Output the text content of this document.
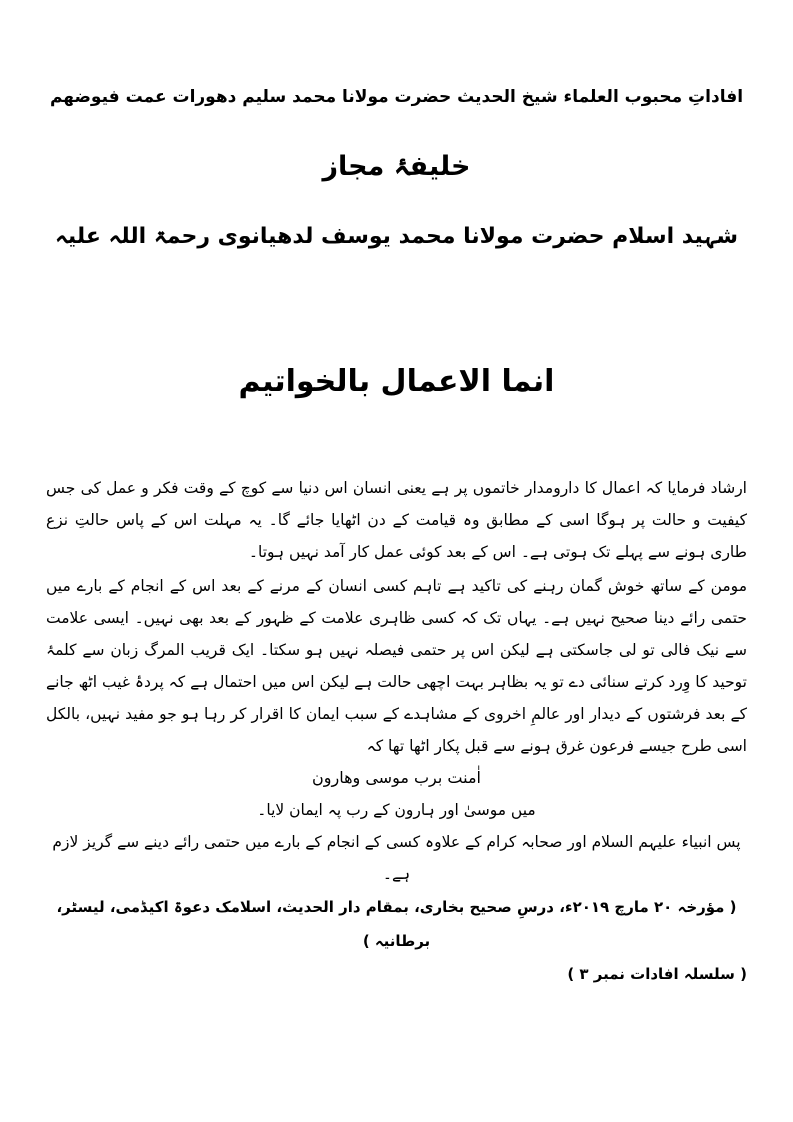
افاداتِ محبوب العلماء شیخ الحدیث حضرت مولانا محمد سلیم دھورات عمت فیوضھم
خلیفۂ مجاز
شہید اسلام حضرت مولانا محمد یوسف لدھیانوی رحمۃ اللہ علیہ
انما الاعمال بالخواتیم

ارشاد فرمایا کہ اعمال کا دارومدار خاتموں پر ہے یعنی انسان اس دنیا سے کوچ کے وقت فکر و عمل کی جس کیفیت و حالت پر ہوگا اسی کے مطابق وہ قیامت کے دن اٹھایا جائے گا۔ یہ مہلت اس کے پاس حالتِ نزع طاری ہونے سے پہلے تک ہوتی ہے۔ اس کے بعد کوئی عمل کار آمد نہیں ہوتا۔

مومن کے ساتھ خوش گمان رہنے کی تاکید ہے تاہم کسی انسان کے مرنے کے بعد اس کے انجام کے بارے میں حتمی رائے دینا صحیح نہیں ہے۔ یہاں تک کہ کسی ظاہری علامت کے ظہور کے بعد بھی نہیں۔ ایسی علامت سے نیک فالی تو لی جاسکتی ہے لیکن اس پر حتمی فیصلہ نہیں ہو سکتا۔ ایک قریب المرگ زبان سے کلمۂ توحید کا وِرد کرتے سنائی دے تو یہ بظاہر بہت اچھی حالت ہے لیکن اس میں احتمال ہے کہ پردۂ غیب اٹھ جانے کے بعد فرشتوں کے دیدار اور عالمِ اخروی کے مشاہدے کے سبب ایمان کا اقرار کر رہا ہو جو مفید نہیں، بالکل اسی طرح جیسے فرعون غرق ہونے سے قبل پکار اٹھا تھا کہ

اٰمنت برب موسی وھارون
میں موسیٰ اور ہارون کے رب پہ ایمان لایا۔
پس انبیاء علیہم السلام اور صحابہ کرام کے علاوہ کسی کے انجام کے بارے میں حتمی رائے دینے سے گریز لازم ہے۔
( مؤرخہ ۲۰ مارچ ۲۰۱۹ء، درسِ صحیح بخاری، بمقام دار الحدیث، اسلامک دعوۃ اکیڈمی، لیسٹر، برطانیہ )
( سلسلہ افادات نمبر ۳ )
